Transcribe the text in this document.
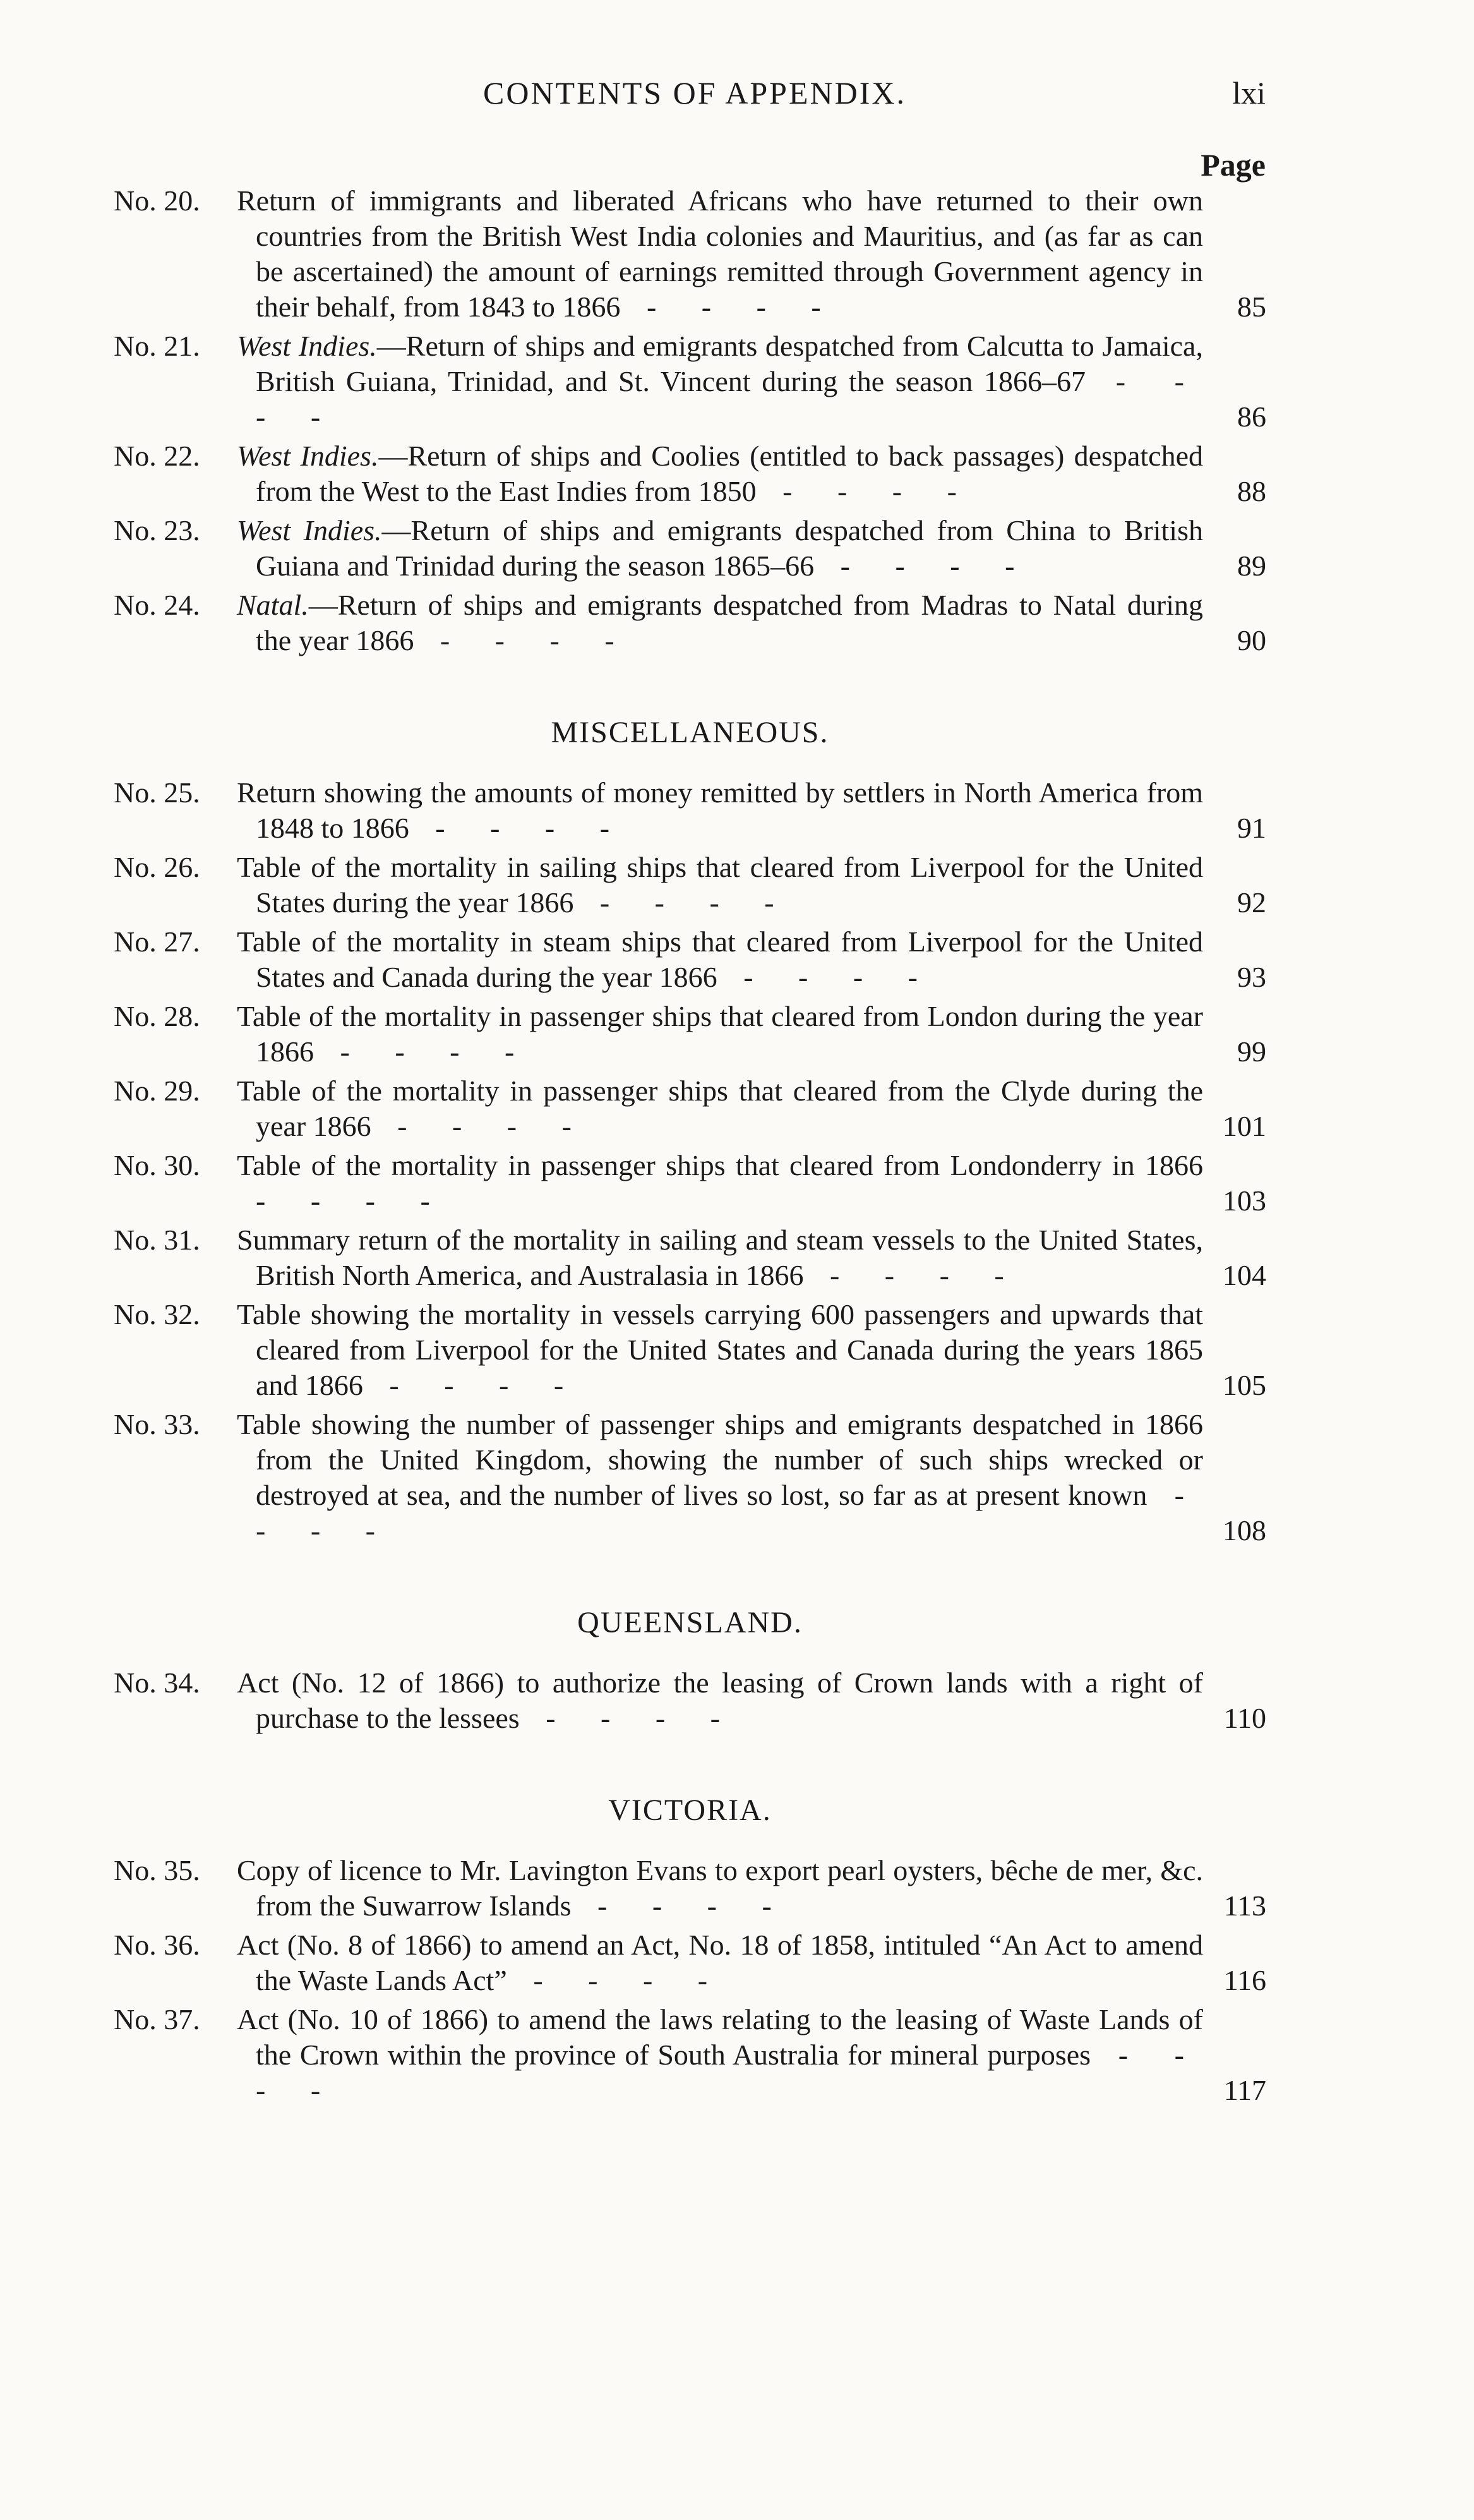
CONTENTS OF APPENDIX.	lxi
Page
No. 20.	Return of immigrants and liberated Africans who have returned to their own countries from the British West India colonies and Mauritius, and (as far as can be ascertained) the amount of earnings remitted through Government agency in their behalf, from 1843 to 1866 - - - -	85
No. 21.	West Indies.—Return of ships and emigrants despatched from Calcutta to Jamaica, British Guiana, Trinidad, and St. Vincent during the season 1866–67 - - - -	86
No. 22.	West Indies.—Return of ships and Coolies (entitled to back passages) despatched from the West to the East Indies from 1850 - - - -	88
No. 23.	West Indies.—Return of ships and emigrants despatched from China to British Guiana and Trinidad during the season 1865–66 - - - -	89
No. 24.	Natal.—Return of ships and emigrants despatched from Madras to Natal during the year 1866 - - - -	90
MISCELLANEOUS.
No. 25.	Return showing the amounts of money remitted by settlers in North America from 1848 to 1866 - - - -	91
No. 26.	Table of the mortality in sailing ships that cleared from Liverpool for the United States during the year 1866 - - - -	92
No. 27.	Table of the mortality in steam ships that cleared from Liverpool for the United States and Canada during the year 1866 - - - -	93
No. 28.	Table of the mortality in passenger ships that cleared from London during the year 1866 - - - -	99
No. 29.	Table of the mortality in passenger ships that cleared from the Clyde during the year 1866 - - - -	101
No. 30.	Table of the mortality in passenger ships that cleared from Londonderry in 1866 - - - -	103
No. 31.	Summary return of the mortality in sailing and steam vessels to the United States, British North America, and Australasia in 1866 - - - -	104
No. 32.	Table showing the mortality in vessels carrying 600 passengers and upwards that cleared from Liverpool for the United States and Canada during the years 1865 and 1866 - - - -	105
No. 33.	Table showing the number of passenger ships and emigrants despatched in 1866 from the United Kingdom, showing the number of such ships wrecked or destroyed at sea, and the number of lives so lost, so far as at present known - - - -	108
QUEENSLAND.
No. 34.	Act (No. 12 of 1866) to authorize the leasing of Crown lands with a right of purchase to the lessees - - - -	110
VICTORIA.
No. 35.	Copy of licence to Mr. Lavington Evans to export pearl oysters, bêche de mer, &c. from the Suwarrow Islands - - - -	113
No. 36.	Act (No. 8 of 1866) to amend an Act, No. 18 of 1858, intituled “An Act to amend the Waste Lands Act” - - - -	116
No. 37.	Act (No. 10 of 1866) to amend the laws relating to the leasing of Waste Lands of the Crown within the province of South Australia for mineral purposes - - - -	117
